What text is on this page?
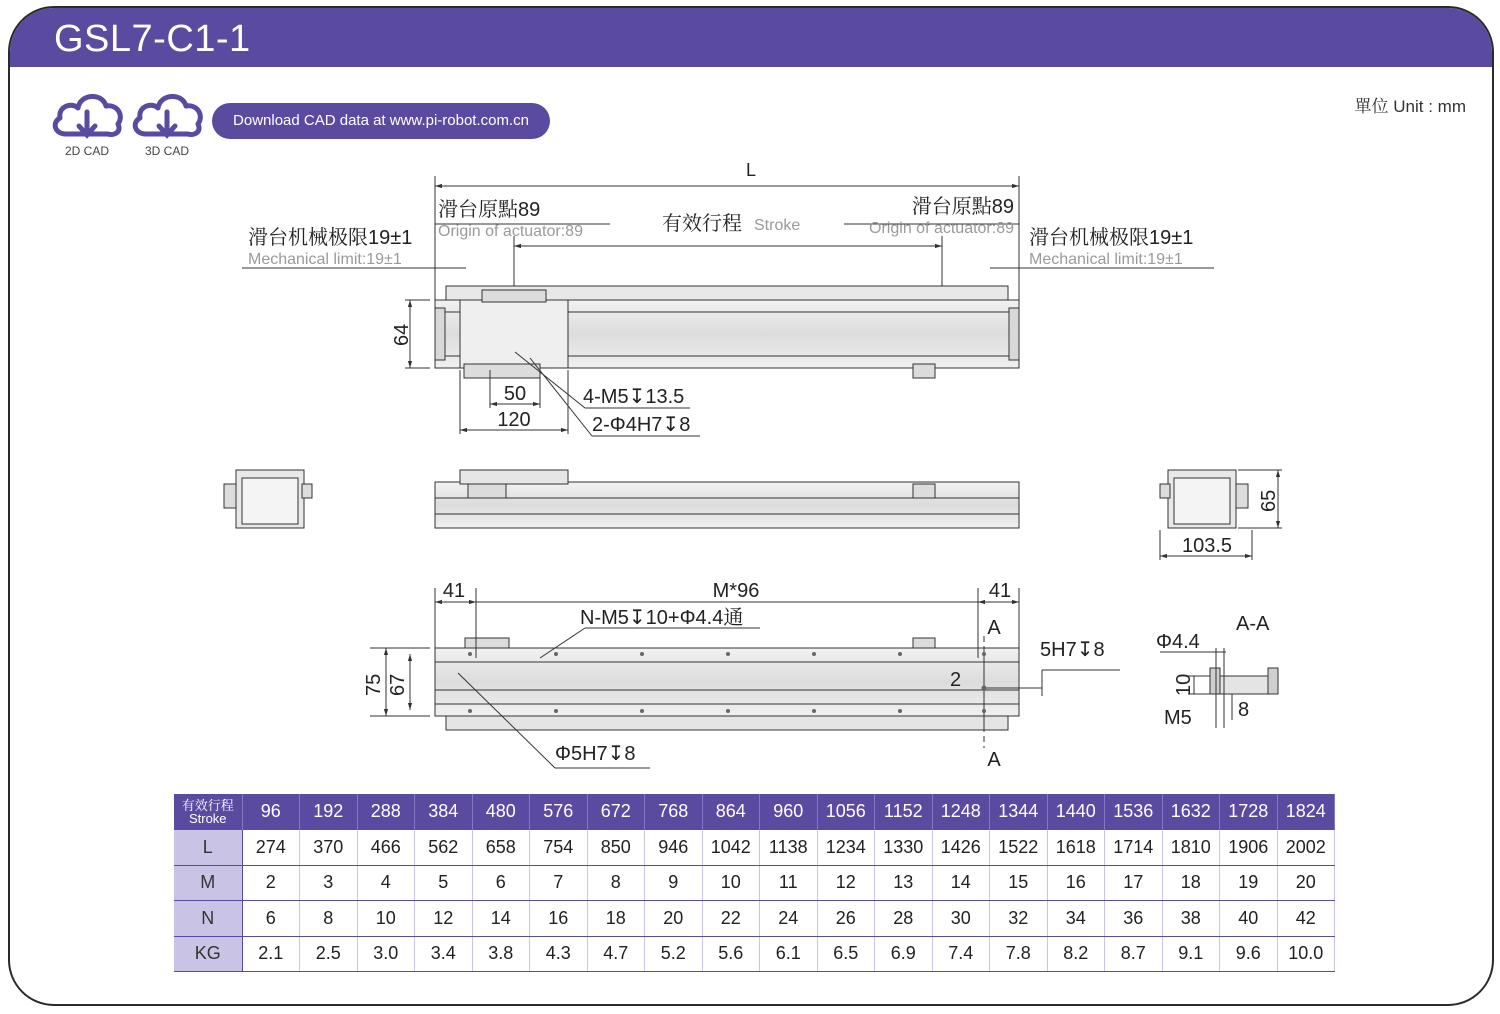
GSL7-C1-1
單位 Unit : mm
2D CAD	3D CAD
Download CAD data at www.pi-robot.com.cn
L
滑台原點89
Origin of actuator:89	有效行程 Stroke
滑台原點89
Origin of actuator:89
滑台机械极限19±1
Mechanical limit:19±1
滑台机械极限19±1
Mechanical limit:19±1
64
50
120
4-M5↧13.5
2-Φ4H7↧8
65
103.5
41	M*96	41
N-M5↧10+Φ4.4通	A
A
5H7↧8
2
75 67
Φ5H7↧8
A-A
Φ4.4
10
8
M5
有效行程
Stroke	96	192	288	384	480	576	672	768	864	960	1056	1152	1248	1344	1440	1536	1632	1728	1824
L	274	370	466	562	658	754	850	946	1042	1138	1234	1330	1426	1522	1618	1714	1810	1906	2002
M	2	3	4	5	6	7	8	9	10	11	12	13	14	15	16	17	18	19	20
N	6	8	10	12	14	16	18	20	22	24	26	28	30	32	34	36	38	40	42
KG	2.1	2.5	3.0	3.4	3.8	4.3	4.7	5.2	5.6	6.1	6.5	6.9	7.4	7.8	8.2	8.7	9.1	9.6	10.0
